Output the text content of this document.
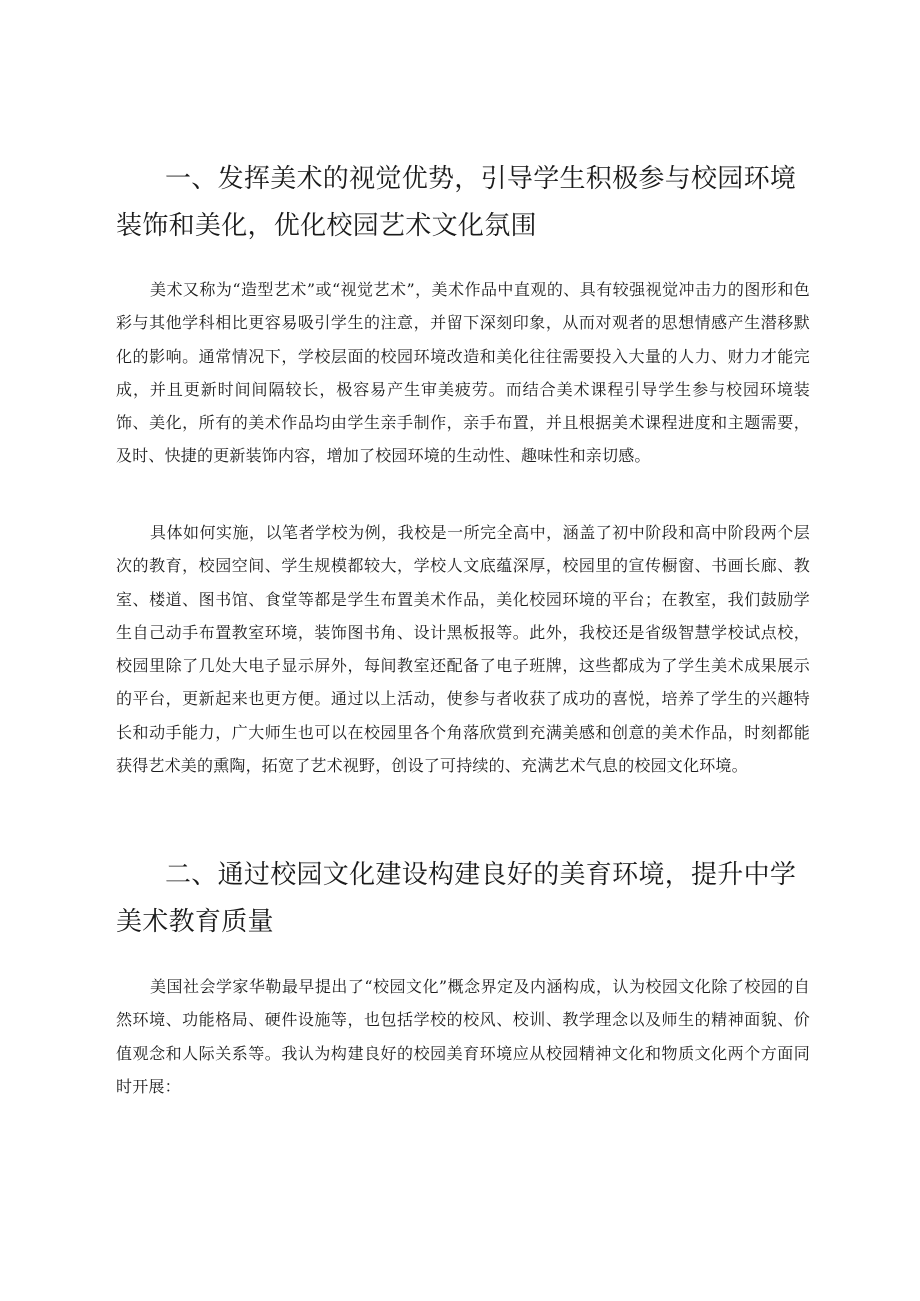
一、发挥美术的视觉优势，引导学生积极参与校园环境装饰和美化，优化校园艺术文化氛围

美术又称为“造型艺术”或“视觉艺术”，美术作品中直观的、具有较强视觉冲击力的图形和色彩与其他学科相比更容易吸引学生的注意，并留下深刻印象，从而对观者的思想情感产生潜移默化的影响。通常情况下，学校层面的校园环境改造和美化往往需要投入大量的人力、财力才能完成，并且更新时间间隔较长，极容易产生审美疲劳。而结合美术课程引导学生参与校园环境装饰、美化，所有的美术作品均由学生亲手制作，亲手布置，并且根据美术课程进度和主题需要，及时、快捷的更新装饰内容，增加了校园环境的生动性、趣味性和亲切感。

具体如何实施，以笔者学校为例，我校是一所完全高中，涵盖了初中阶段和高中阶段两个层次的教育，校园空间、学生规模都较大，学校人文底蕴深厚，校园里的宣传橱窗、书画长廊、教室、楼道、图书馆、食堂等都是学生布置美术作品，美化校园环境的平台；在教室，我们鼓励学生自己动手布置教室环境，装饰图书角、设计黑板报等。此外，我校还是省级智慧学校试点校，校园里除了几处大电子显示屏外，每间教室还配备了电子班牌，这些都成为了学生美术成果展示的平台，更新起来也更方便。通过以上活动，使参与者收获了成功的喜悦，培养了学生的兴趣特长和动手能力，广大师生也可以在校园里各个角落欣赏到充满美感和创意的美术作品，时刻都能获得艺术美的熏陶，拓宽了艺术视野，创设了可持续的、充满艺术气息的校园文化环境。

二、通过校园文化建设构建良好的美育环境，提升中学美术教育质量

美国社会学家华勒最早提出了“校园文化”概念界定及内涵构成，认为校园文化除了校园的自然环境、功能格局、硬件设施等，也包括学校的校风、校训、教学理念以及师生的精神面貌、价值观念和人际关系等。我认为构建良好的校园美育环境应从校园精神文化和物质文化两个方面同时开展：
